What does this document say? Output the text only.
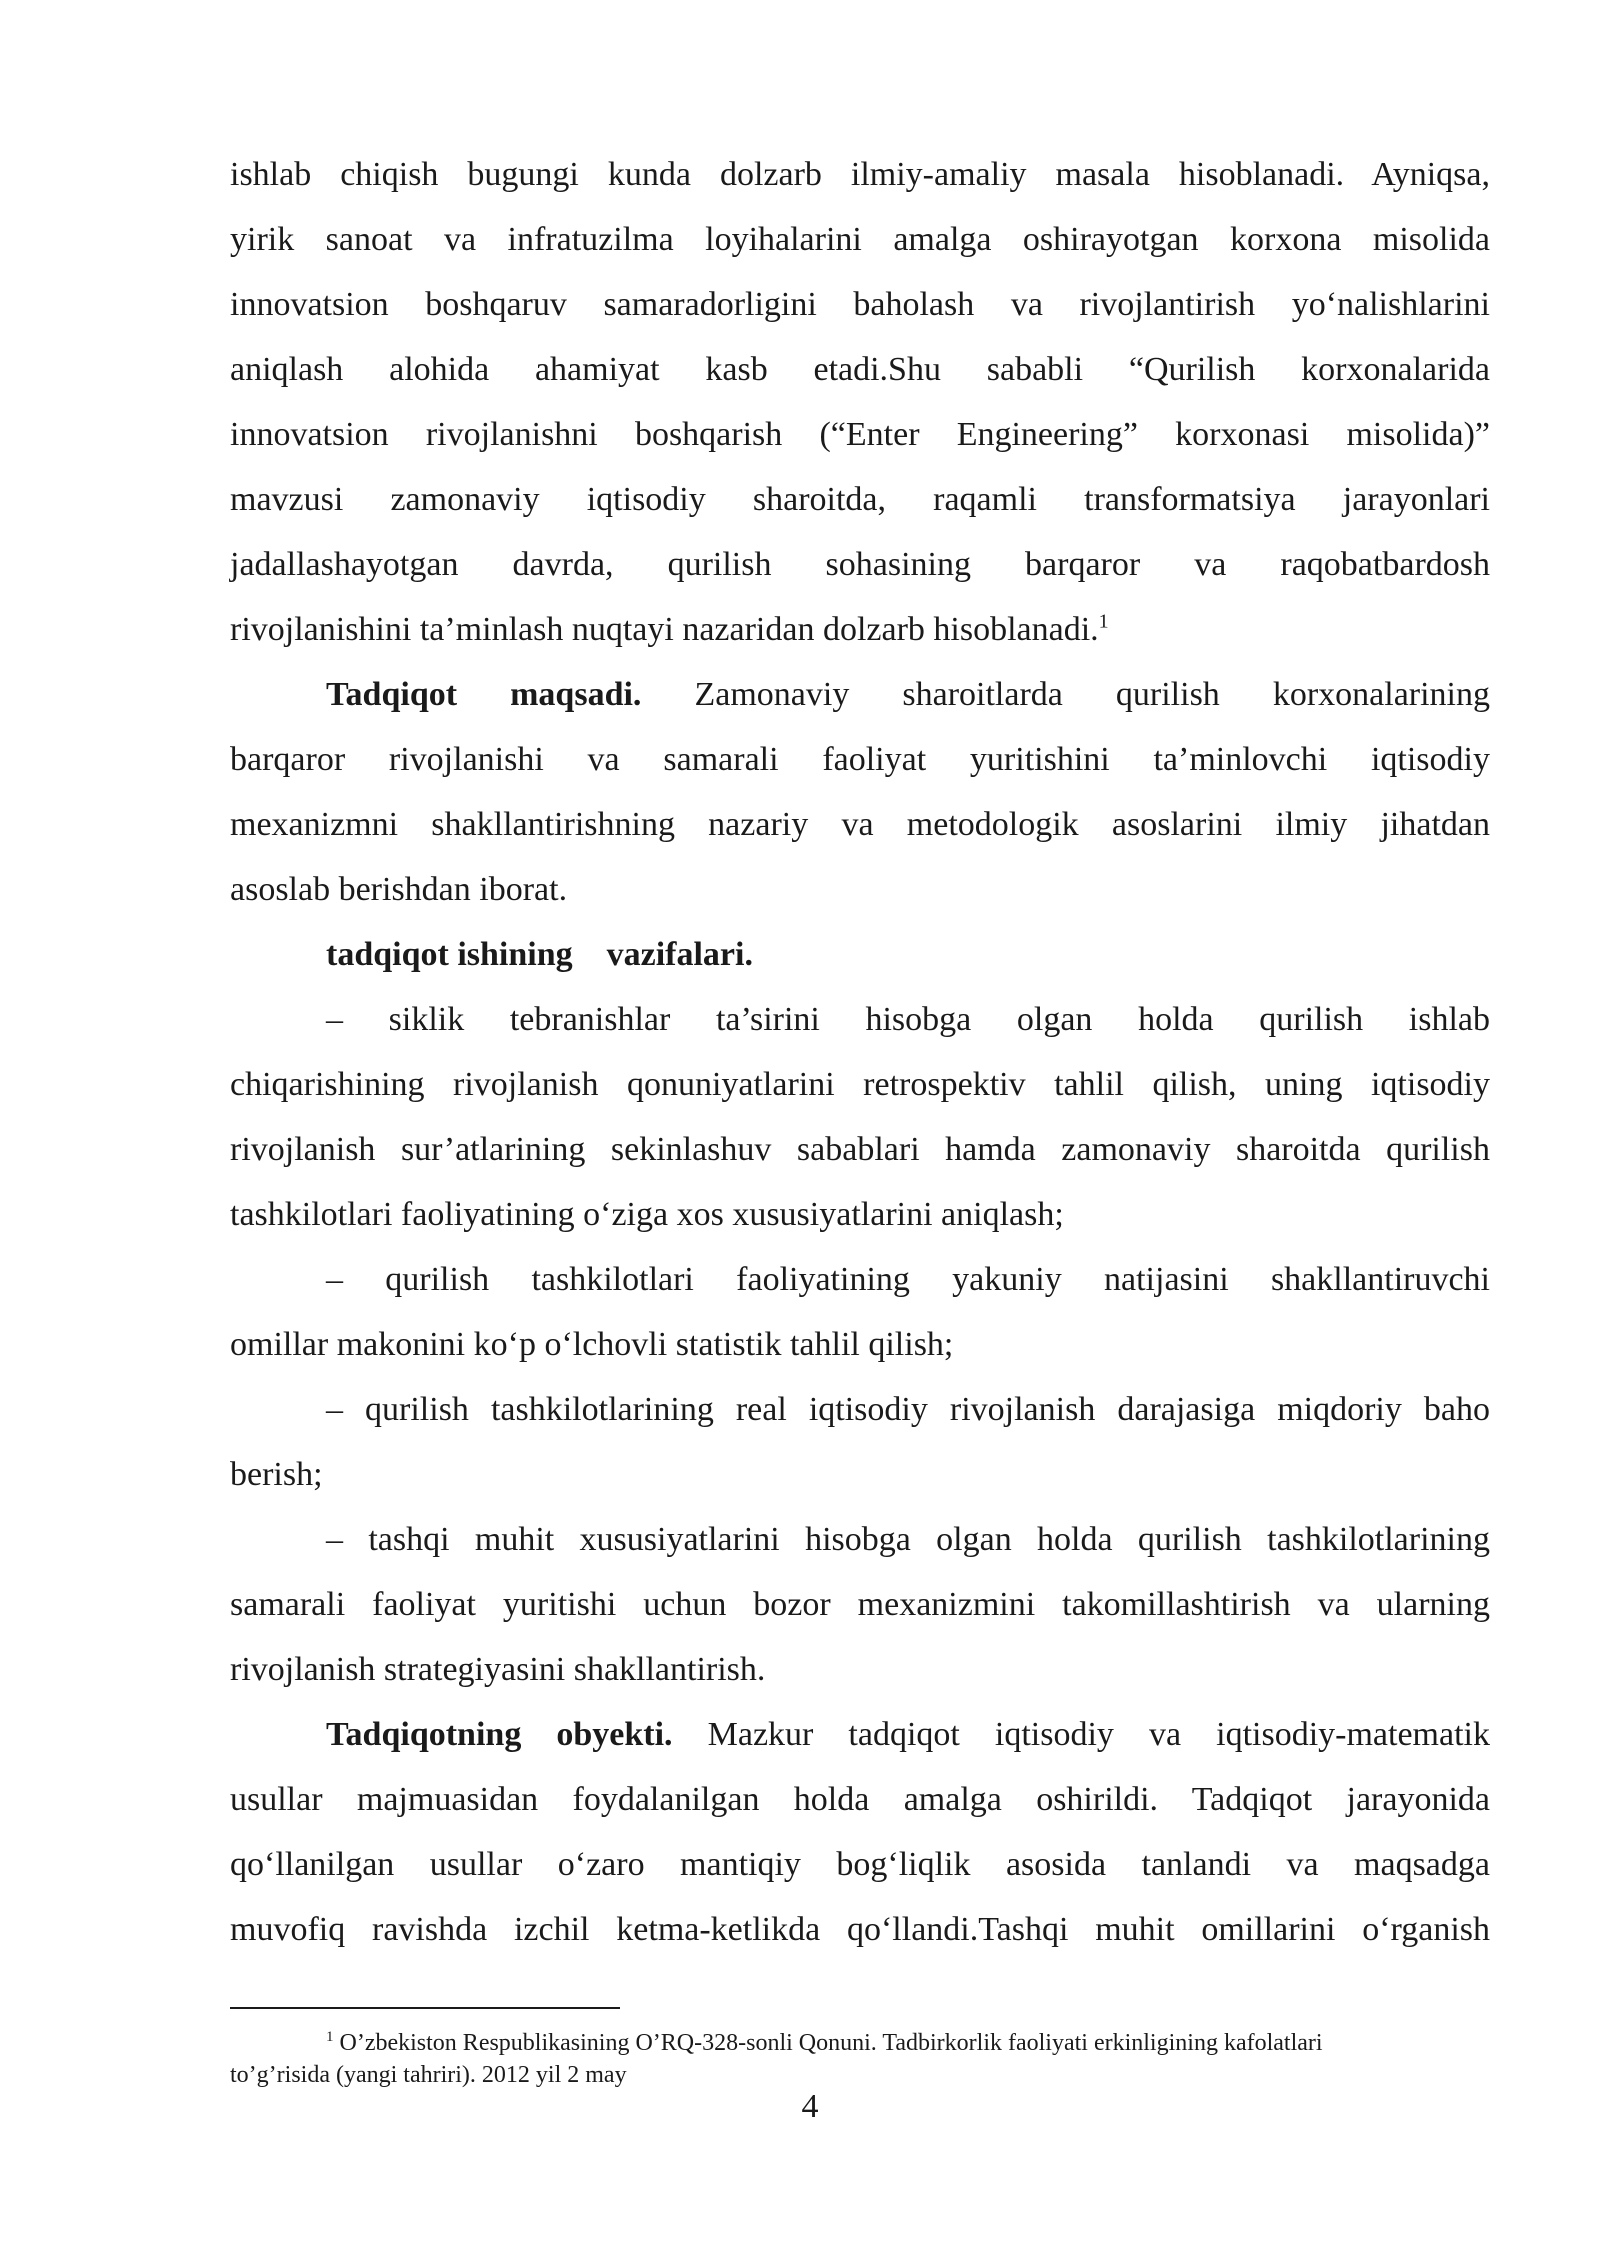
ishlab chiqish bugungi kunda dolzarb ilmiy-amaliy masala hisoblanadi. Ayniqsa,
yirik sanoat va infratuzilma loyihalarini amalga oshirayotgan korxona misolida
innovatsion boshqaruv samaradorligini baholash va rivojlantirish yo‘nalishlarini
aniqlash alohida ahamiyat kasb etadi.Shu sababli “Qurilish korxonalarida
innovatsion rivojlanishni boshqarish (“Enter Engineering” korxonasi misolida)”
mavzusi zamonaviy iqtisodiy sharoitda, raqamli transformatsiya jarayonlari
jadallashayotgan davrda, qurilish sohasining barqaror va raqobatbardosh
rivojlanishini ta’minlash nuqtayi nazaridan dolzarb hisoblanadi.$^1$
Tadqiqot maqsadi. Zamonaviy sharoitlarda qurilish korxonalarining
barqaror rivojlanishi va samarali faoliyat yuritishini ta’minlovchi iqtisodiy
mexanizmni shakllantirishning nazariy va metodologik asoslarini ilmiy jihatdan
asoslab berishdan iborat.
tadqiqot ishining vazifalari.
– siklik tebranishlar ta’sirini hisobga olgan holda qurilish ishlab
chiqarishining rivojlanish qonuniyatlarini retrospektiv tahlil qilish, uning iqtisodiy
rivojlanish sur’atlarining sekinlashuv sabablari hamda zamonaviy sharoitda qurilish
tashkilotlari faoliyatining o‘ziga xos xususiyatlarini aniqlash;
– qurilish tashkilotlari faoliyatining yakuniy natijasini shakllantiruvchi
omillar makonini ko‘p o‘lchovli statistik tahlil qilish;
– qurilish tashkilotlarining real iqtisodiy rivojlanish darajasiga miqdoriy baho
berish;
– tashqi muhit xususiyatlarini hisobga olgan holda qurilish tashkilotlarining
samarali faoliyat yuritishi uchun bozor mexanizmini takomillashtirish va ularning
rivojlanish strategiyasini shakllantirish.
Tadqiqotning obyekti. Mazkur tadqiqot iqtisodiy va iqtisodiy-matematik
usullar majmuasidan foydalanilgan holda amalga oshirildi. Tadqiqot jarayonida
qo‘llanilgan usullar o‘zaro mantiqiy bog‘liqlik asosida tanlandi va maqsadga
muvofiq ravishda izchil ketma-ketlikda qo‘llandi.Tashqi muhit omillarini o‘rganish
$^1$ O’zbekiston Respublikasining O’RQ-328-sonli Qonuni. Tadbirkorlik faoliyati erkinligining kafolatlari
to’g’risida (yangi tahriri). 2012 yil 2 may
4
